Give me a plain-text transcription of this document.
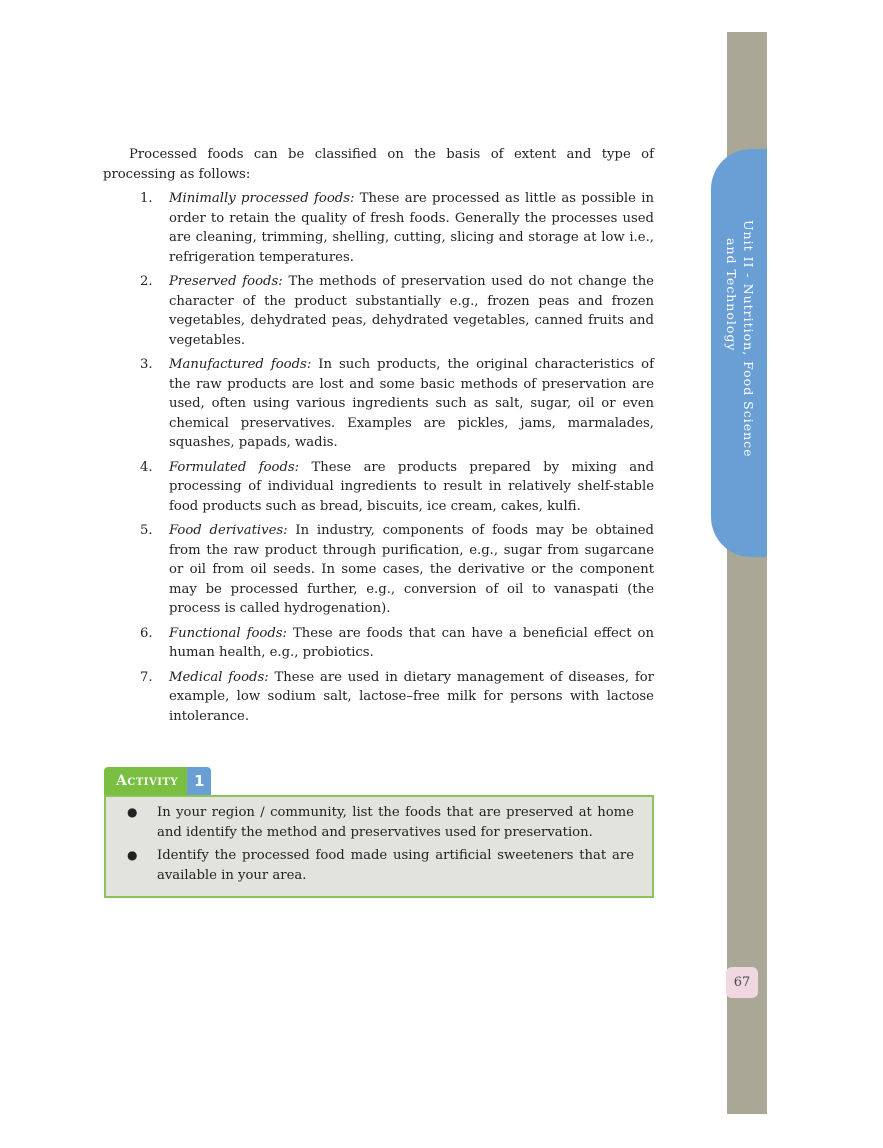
Unit II - Nutrition, Food Science
and Technology
67

Processed foods can be classified on the basis of extent and type of processing as follows:

1. Minimally processed foods: These are processed as little as possible in order to retain the quality of fresh foods. Generally the processes used are cleaning, trimming, shelling, cutting, slicing and storage at low i.e., refrigeration temperatures.
2. Preserved foods: The methods of preservation used do not change the character of the product substantially e.g., frozen peas and frozen vegetables, dehydrated peas, dehydrated vegetables, canned fruits and vegetables.
3. Manufactured foods: In such products, the original characteristics of the raw products are lost and some basic methods of preservation are used, often using various ingredients such as salt, sugar, oil or even chemical preservatives. Examples are pickles, jams, marmalades, squashes, papads, wadis.
4. Formulated foods: These are products prepared by mixing and processing of individual ingredients to result in relatively shelf-stable food products such as bread, biscuits, ice cream, cakes, kulfi.
5. Food derivatives: In industry, components of foods may be obtained from the raw product through purification, e.g., sugar from sugarcane or oil from oil seeds. In some cases, the derivative or the component may be processed further, e.g., conversion of oil to vanaspati (the process is called hydrogenation).
6. Functional foods: These are foods that can have a beneficial effect on human health, e.g., probiotics.
7. Medical foods: These are used in dietary management of diseases, for example, low sodium salt, lactose–free milk for persons with lactose intolerance.
Activity	1
● In your region / community, list the foods that are preserved at home and identify the method and preservatives used for preservation.
● Identify the processed food made using artificial sweeteners that are available in your area.
